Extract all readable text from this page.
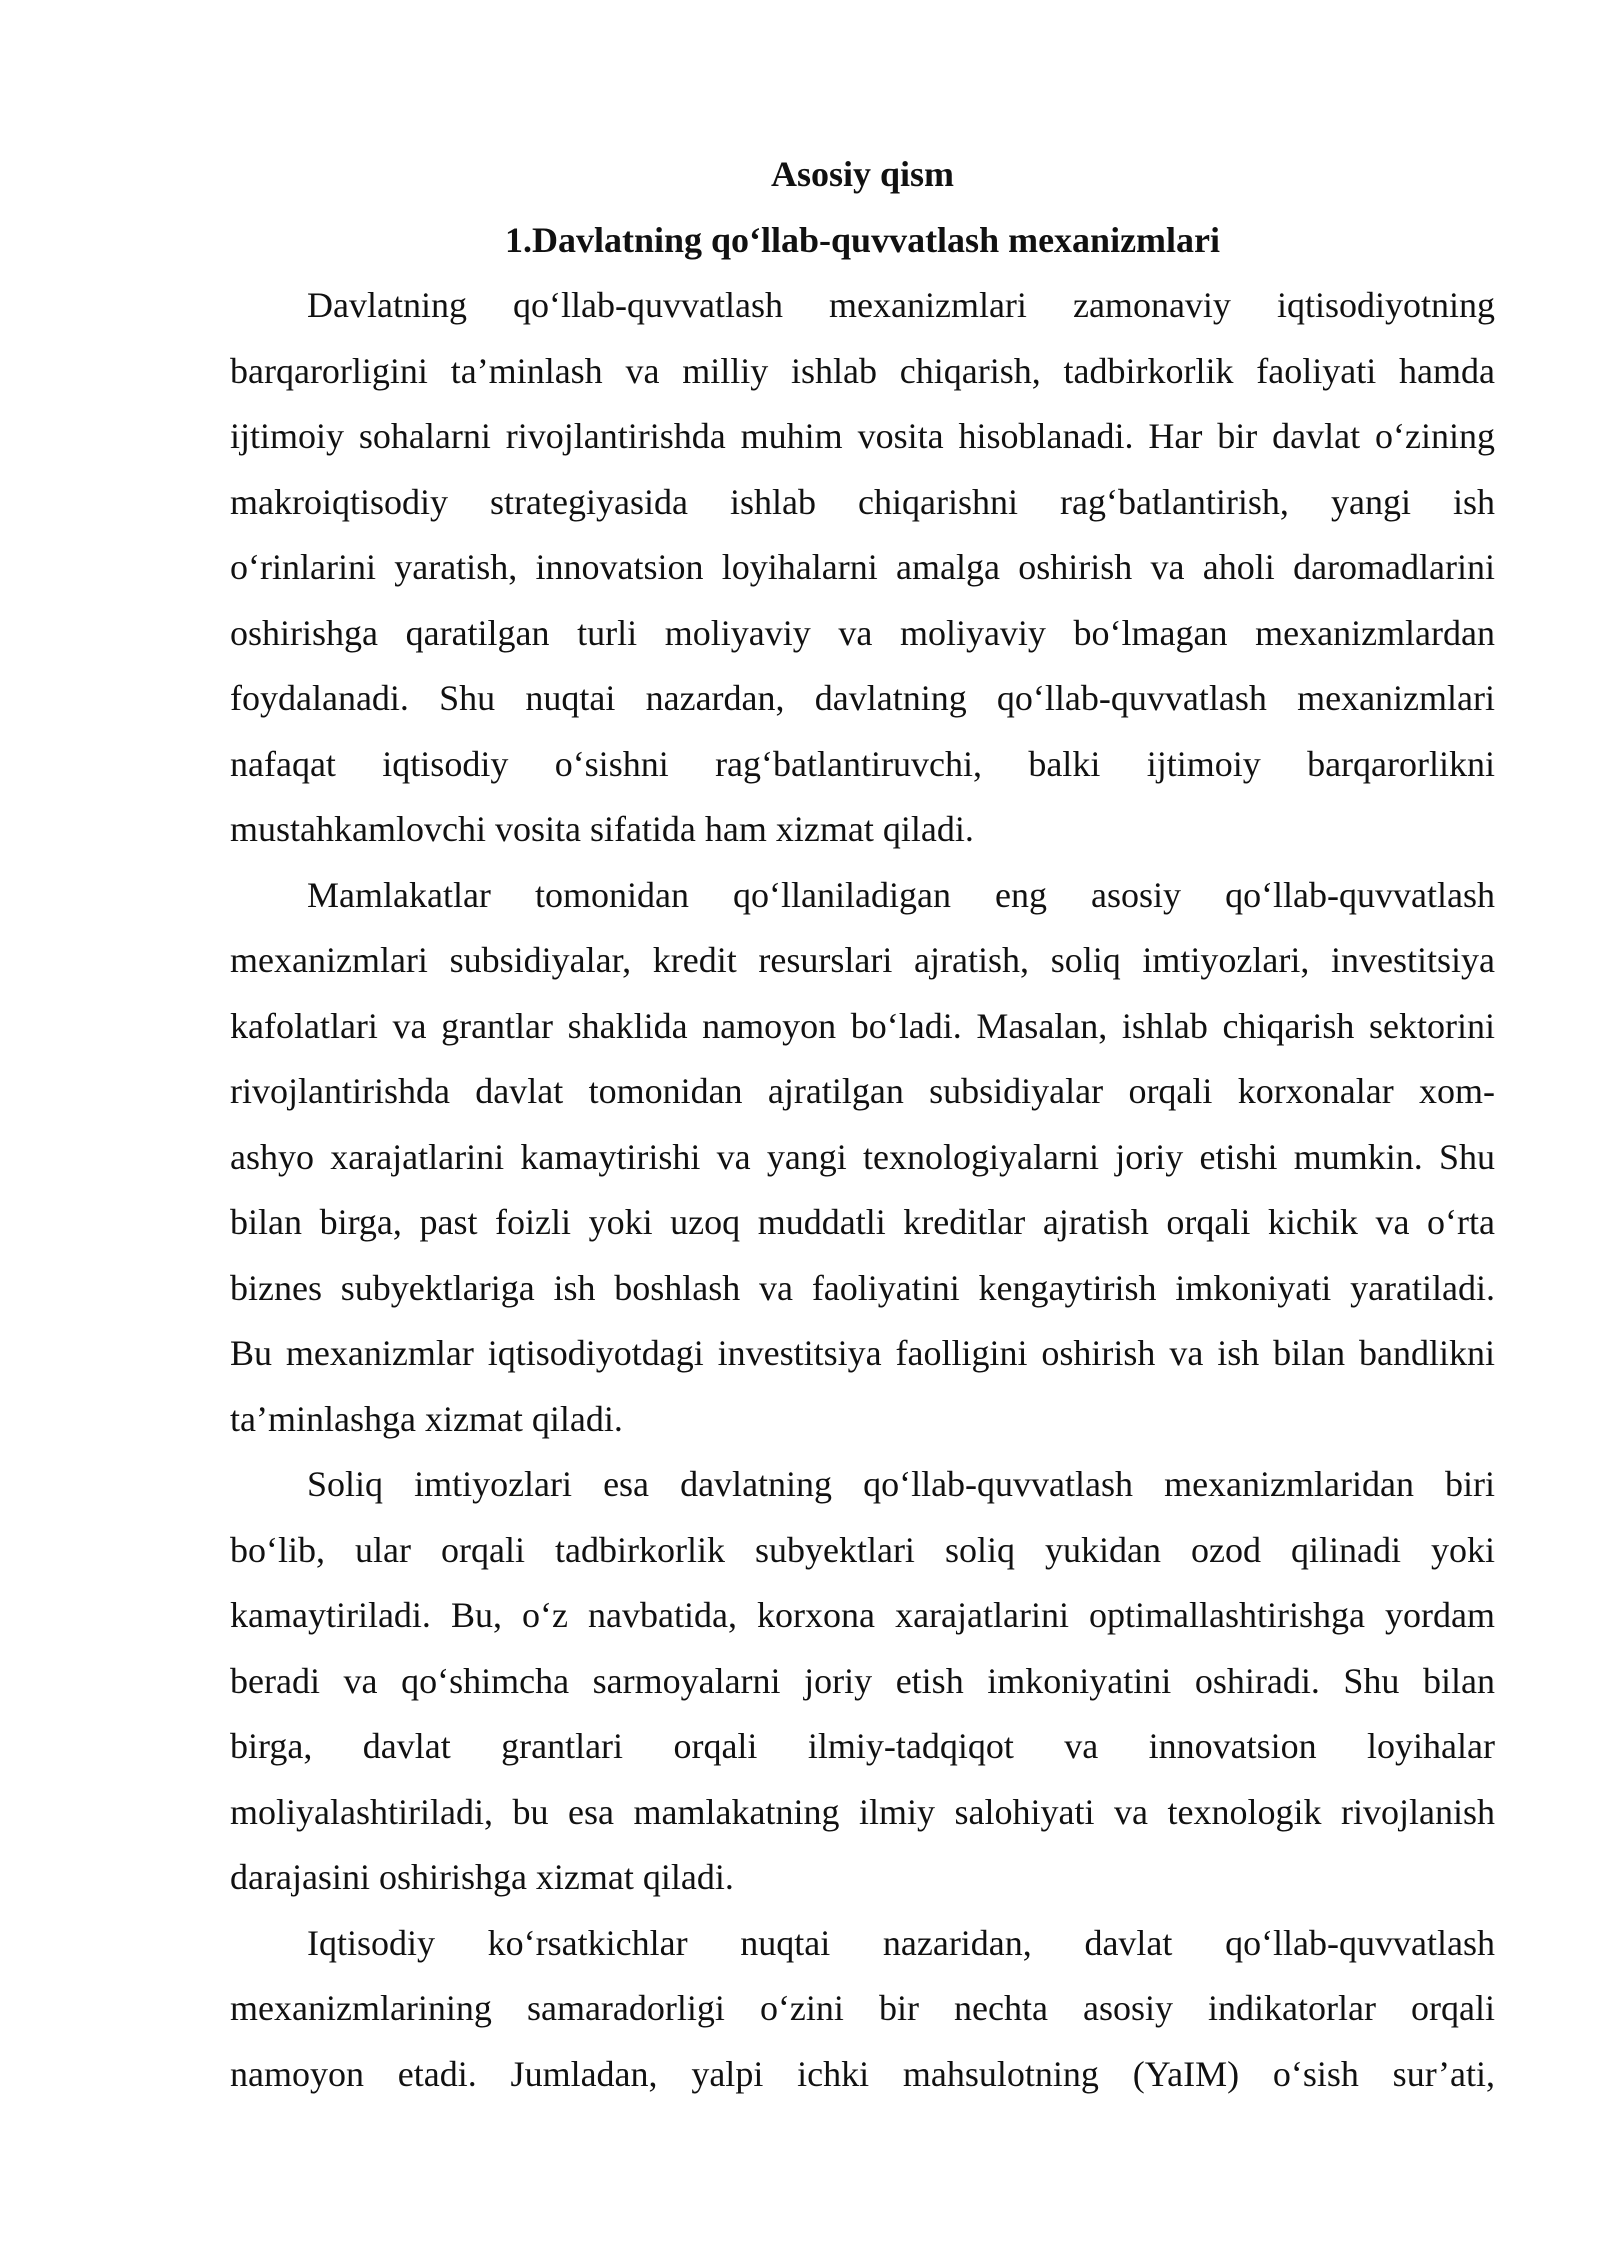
Asosiy qism
1.Davlatning qo‘llab-quvvatlash mexanizmlari
Davlatning qo‘llab-quvvatlash mexanizmlari zamonaviy iqtisodiyotning
barqarorligini ta’minlash va milliy ishlab chiqarish, tadbirkorlik faoliyati hamda
ijtimoiy sohalarni rivojlantirishda muhim vosita hisoblanadi. Har bir davlat o‘zining
makroiqtisodiy strategiyasida ishlab chiqarishni rag‘batlantirish, yangi ish
o‘rinlarini yaratish, innovatsion loyihalarni amalga oshirish va aholi daromadlarini
oshirishga qaratilgan turli moliyaviy va moliyaviy bo‘lmagan mexanizmlardan
foydalanadi. Shu nuqtai nazardan, davlatning qo‘llab-quvvatlash mexanizmlari
nafaqat iqtisodiy o‘sishni rag‘batlantiruvchi, balki ijtimoiy barqarorlikni
mustahkamlovchi vosita sifatida ham xizmat qiladi.
Mamlakatlar tomonidan qo‘llaniladigan eng asosiy qo‘llab-quvvatlash
mexanizmlari subsidiyalar, kredit resurslari ajratish, soliq imtiyozlari, investitsiya
kafolatlari va grantlar shaklida namoyon bo‘ladi. Masalan, ishlab chiqarish sektorini
rivojlantirishda davlat tomonidan ajratilgan subsidiyalar orqali korxonalar xom-
ashyo xarajatlarini kamaytirishi va yangi texnologiyalarni joriy etishi mumkin. Shu
bilan birga, past foizli yoki uzoq muddatli kreditlar ajratish orqali kichik va o‘rta
biznes subyektlariga ish boshlash va faoliyatini kengaytirish imkoniyati yaratiladi.
Bu mexanizmlar iqtisodiyotdagi investitsiya faolligini oshirish va ish bilan bandlikni
ta’minlashga xizmat qiladi.
Soliq imtiyozlari esa davlatning qo‘llab-quvvatlash mexanizmlaridan biri
bo‘lib, ular orqali tadbirkorlik subyektlari soliq yukidan ozod qilinadi yoki
kamaytiriladi. Bu, o‘z navbatida, korxona xarajatlarini optimallashtirishga yordam
beradi va qo‘shimcha sarmoyalarni joriy etish imkoniyatini oshiradi. Shu bilan
birga, davlat grantlari orqali ilmiy-tadqiqot va innovatsion loyihalar
moliyalashtiriladi, bu esa mamlakatning ilmiy salohiyati va texnologik rivojlanish
darajasini oshirishga xizmat qiladi.
Iqtisodiy ko‘rsatkichlar nuqtai nazaridan, davlat qo‘llab-quvvatlash
mexanizmlarining samaradorligi o‘zini bir nechta asosiy indikatorlar orqali
namoyon etadi. Jumladan, yalpi ichki mahsulotning (YaIM) o‘sish sur’ati,
